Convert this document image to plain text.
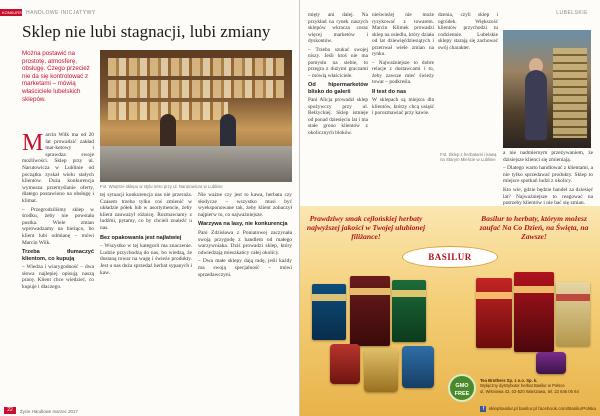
KONKURS HANDLOWE INICJATYWY
Sklep nie lubi stagnacji, lubi zmiany
Można postawić na prostotę, atmosferę, obsługę. Czego przecież nie da się kontrolować z marketami – mówią właściciele lubelskich sklepów.
Fot. Wnętrze sklepu w stylu retro przy ul. Narutowicza w Lublinie

Marcin Wilk ma od 20 lat prowadzić zakład mar-ketowy i sprawdza swoje możliwości. Sklep przy ul. Narutowicza w Lublinie od początku zyskał wielu stałych klientów. Duża konkurencja wymusza przemyślanie oferty, dlatego postawiono na obsługę i klimat.

– Przegrodziliśmy sklep w środku, żeby nie powstała pustka. Wiele zmian wprowadzamy na bieżąco, bo klient lubi odmianę – mówi Marcin Wilk.

Trzeba tłumaczyć klientom, co kupują

– Wiedza i wiarygodność – dwa słowa najlepiej opisują naszą pracę. Klient chce wiedzieć, co kupuje i dlaczego.

tej sytuacji konkurencja nas nie przeraża. Czasem trzeba tylko coś zmienić w układzie półek lub w asortymencie, żeby klient zauważył różnicę. Rozmawiamy z ludźmi, pytamy, co by chcieli znaleźć u nas.

Bez opakowania jest najłatwiej

– Wszystko w tej kategorii ma znaczenie. Ludzie przychodzą do nas, bo wiedzą, że dostaną towar na wagę i świeże produkty. Jest u nas duża sprzedaż herbat sypanych i kaw.

Nie ważne czy jest to kawa, herbata czy słodycze – wszystko musi być wyeksponowane tak, żeby klient zobaczył najpierw to, co najważniejsze.

Warzywa na lasy, nie konkurencja

Pani Zdzisława z Poniatowej zaczynała swoją przygodę z handlem od małego warzywniaka. Dziś prowadzi sklep, który odwiedzają mieszkańcy całej okolicy.

– Dwa małe sklepy dają radę, jeśli każdy ma swoją specjalność – mówi sprzedawczyni.

22	Życie Handlowe marzec 2017
LUBELSKIE

mięty ani dalej. Na przykład na rynek naszych sklepów wkracza coraz więcej marketów i dyskontów.

– Trzeba szukać swojej niszy. Jeśli ktoś nie ma pomysłu na siebie, to przegra z dużymi graczami – mówią właściciele.

Od hipermarketów blisko do galerii

Pani Alicja prowadzi sklep spożywczy przy ul. Bełżyckiej. Sklep istnieje od ponad dziesięciu lat i ma stałe grono klientów z okolicznych bloków.

nieświeżej nie może ryzykować z towarem. Marcin Klimek prowadzi sklep na osiedlu, który działa od lat dziewięćdziesiątych i przetrwał wiele zmian na rynku.

– Najważniejsze to dobre relacje z dostawcami i to, żeby zawsze mieć świeży towar – podkreśla.

Ił test do nas

W sklepach są miejsca dla klientów, którzy chcą usiąść i porozmawiać przy kawie.

dzenia, czyli sklep i ogródek. Większość klientów przychodzi tu codziennie. Lubelskie sklepy starają się zachować swój charakter.

Fot. Sklep z herbatami i kawą na Starym Mieście w Lublinie

a nie nadmiernym przeżywaniem, że dzisiejsze klienci się zmieniają.

– Dlatego warto handlować z klientami, a nie tylko sprzedawać produkty. Sklep to miejsce spotkań ludzi z okolicy.

Kto wie, gdzie będzie handel za dziesięć lat? Najważniejsze to reagować na potrzeby klientów i nie bać się zmian.

Prawdziwy smak cejlońskiej herbaty najwyższej jakości w Twojej ulubionej filiżance!
Basilur to herbaty, którym możesz zaufać Na Co Dzień, na Święta, na Zawsze!
BASILUR
GMO FREE
Tea Brothers Sp. z o.o. Sp. k.
Wyłączny dystrybutor herbat Basilur w Polsce
ul. Wiśniowa 42, 02-520 Warszawa, tel. 22 646 05 64
f sklepbasilur.pl basilur.pl facebook.com/BasilurPolska
